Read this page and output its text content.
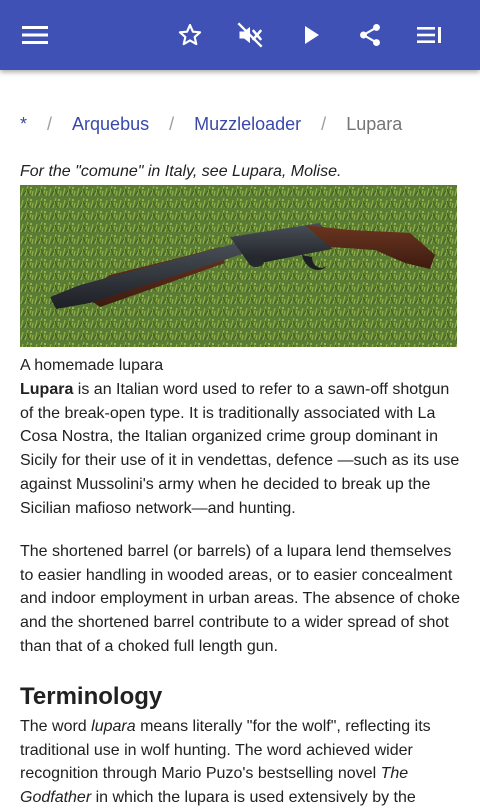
* / Arquebus / Muzzleloader / Lupara
For the "comune" in Italy, see Lupara, Molise.
A homemade lupara

Lupara is an Italian word used to refer to a sawn-off shotgun of the break-open type. It is traditionally associated with La Cosa Nostra, the Italian organized crime group dominant in Sicily for their use of it in vendettas, defence —such as its use against Mussolini's army when he decided to break up the Sicilian mafioso network—and hunting.

The shortened barrel (or barrels) of a lupara lend themselves to easier handling in wooded areas, or to easier concealment and indoor employment in urban areas. The absence of choke and the shortened barrel contribute to a wider spread of shot than that of a choked full length gun.

Terminology

The word lupara means literally "for the wolf", reflecting its traditional use in wolf hunting. The word achieved wider recognition through Mario Puzo's bestselling novel The Godfather in which the lupara is used extensively by the
